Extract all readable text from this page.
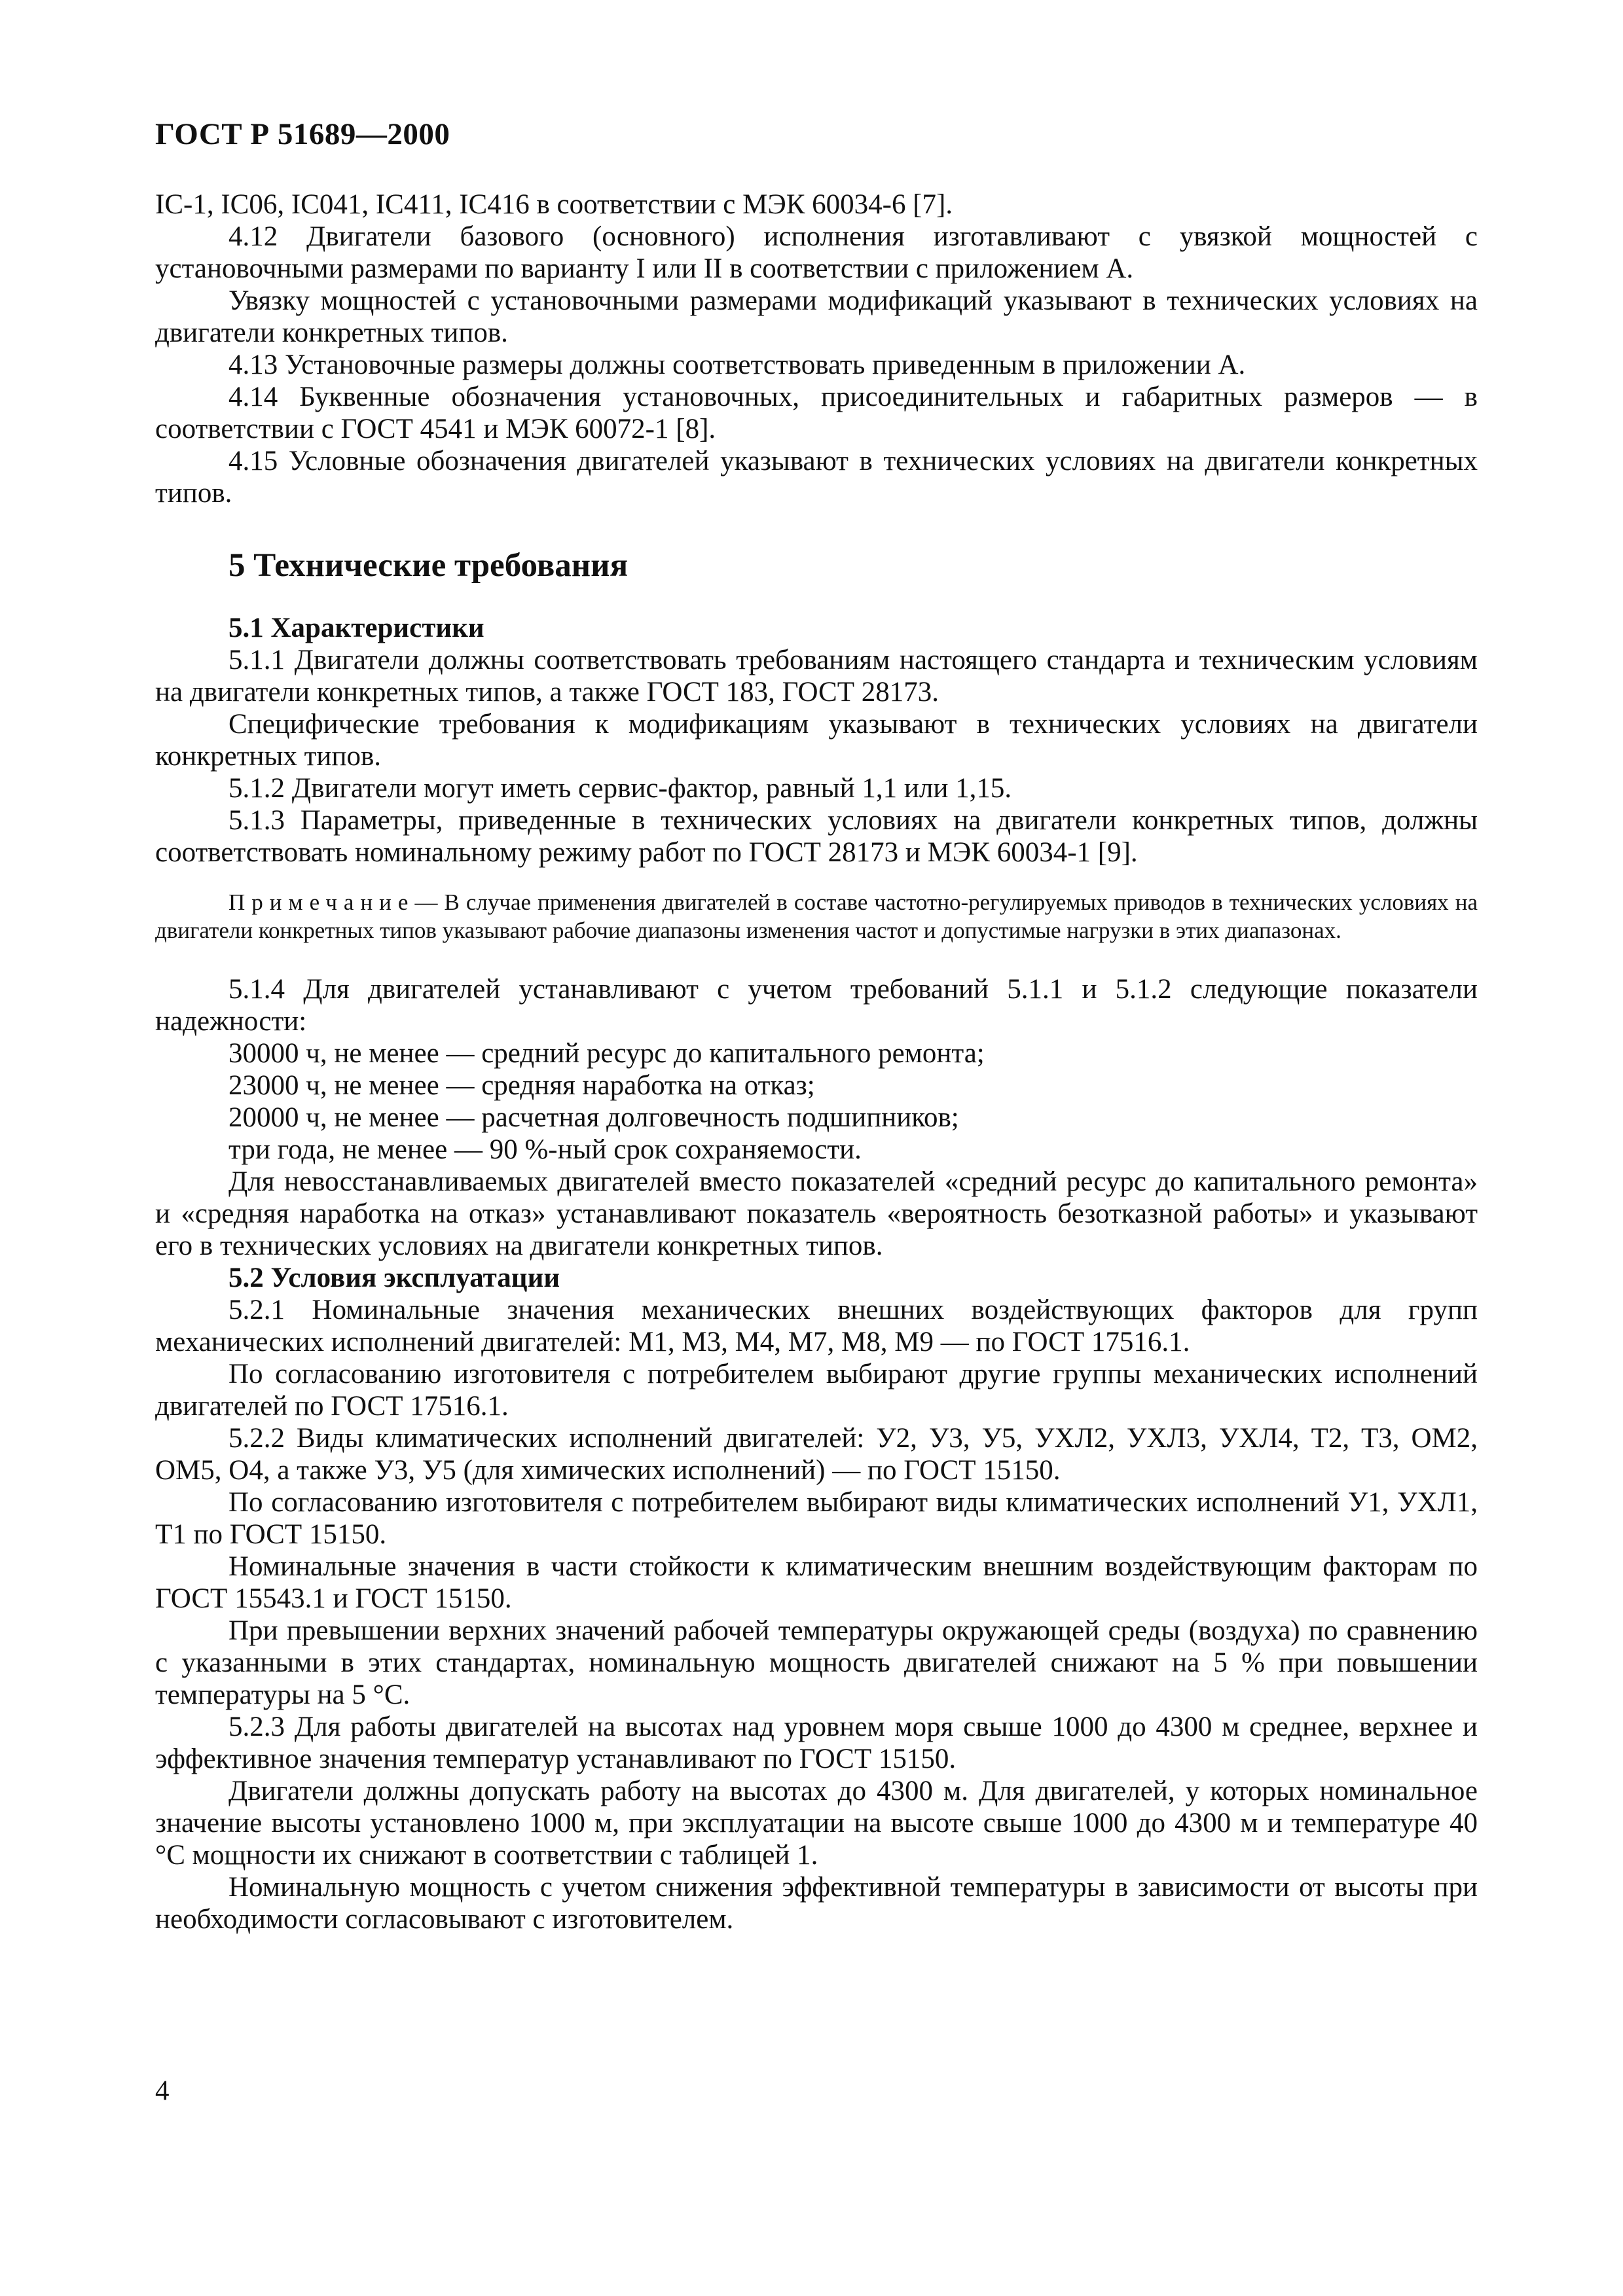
ГОСТ Р 51689—2000

IC-1, IC06, IC041, IC411, IC416 в соответствии с МЭК 60034-6 [7].

4.12 Двигатели базового (основного) исполнения изготавливают с увязкой мощностей с установочными размерами по варианту I или II в соответствии с приложением А.

Увязку мощностей с установочными размерами модификаций указывают в технических условиях на двигатели конкретных типов.

4.13 Установочные размеры должны соответствовать приведенным в приложении А.

4.14 Буквенные обозначения установочных, присоединительных и габаритных размеров — в соответствии с ГОСТ 4541 и МЭК 60072-1 [8].

4.15 Условные обозначения двигателей указывают в технических условиях на двигатели конкретных типов.

5 Технические требования

5.1 Характеристики

5.1.1 Двигатели должны соответствовать требованиям настоящего стандарта и техническим условиям на двигатели конкретных типов, а также ГОСТ 183, ГОСТ 28173.

Специфические требования к модификациям указывают в технических условиях на двигатели конкретных типов.

5.1.2 Двигатели могут иметь сервис-фактор, равный 1,1 или 1,15.

5.1.3 Параметры, приведенные в технических условиях на двигатели конкретных типов, должны соответствовать номинальному режиму работ по ГОСТ 28173 и МЭК 60034-1 [9].

Примечание— В случае применения двигателей в составе частотно-регулируемых приводов в технических условиях на двигатели конкретных типов указывают рабочие диапазоны изменения частот и допустимые нагрузки в этих диапазонах.

5.1.4 Для двигателей устанавливают с учетом требований 5.1.1 и 5.1.2 следующие показатели надежности:

30000 ч, не менее — средний ресурс до капитального ремонта;

23000 ч, не менее — средняя наработка на отказ;

20000 ч, не менее — расчетная долговечность подшипников;

три года, не менее — 90 %-ный срок сохраняемости.

Для невосстанавливаемых двигателей вместо показателей «средний ресурс до капитального ремонта» и «средняя наработка на отказ» устанавливают показатель «вероятность безотказной работы» и указывают его в технических условиях на двигатели конкретных типов.

5.2 Условия эксплуатации

5.2.1 Номинальные значения механических внешних воздействующих факторов для групп механических исполнений двигателей: М1, М3, М4, М7, М8, М9 — по ГОСТ 17516.1.

По согласованию изготовителя с потребителем выбирают другие группы механических исполнений двигателей по ГОСТ 17516.1.

5.2.2 Виды климатических исполнений двигателей: У2, У3, У5, УХЛ2, УХЛ3, УХЛ4, Т2, Т3, ОМ2, ОМ5, О4, а также У3, У5 (для химических исполнений) — по ГОСТ 15150.

По согласованию изготовителя с потребителем выбирают виды климатических исполнений У1, УХЛ1, Т1 по ГОСТ 15150.

Номинальные значения в части стойкости к климатическим внешним воздействующим факторам по ГОСТ 15543.1 и ГОСТ 15150.

При превышении верхних значений рабочей температуры окружающей среды (воздуха) по сравнению с указанными в этих стандартах, номинальную мощность двигателей снижают на 5 % при повышении температуры на 5 °С.

5.2.3 Для работы двигателей на высотах над уровнем моря свыше 1000 до 4300 м среднее, верхнее и эффективное значения температур устанавливают по ГОСТ 15150.

Двигатели должны допускать работу на высотах до 4300 м. Для двигателей, у которых номинальное значение высоты установлено 1000 м, при эксплуатации на высоте свыше 1000 до 4300 м и температуре 40 °С мощности их снижают в соответствии с таблицей 1.

Номинальную мощность с учетом снижения эффективной температуры в зависимости от высоты при необходимости согласовывают с изготовителем.

4
